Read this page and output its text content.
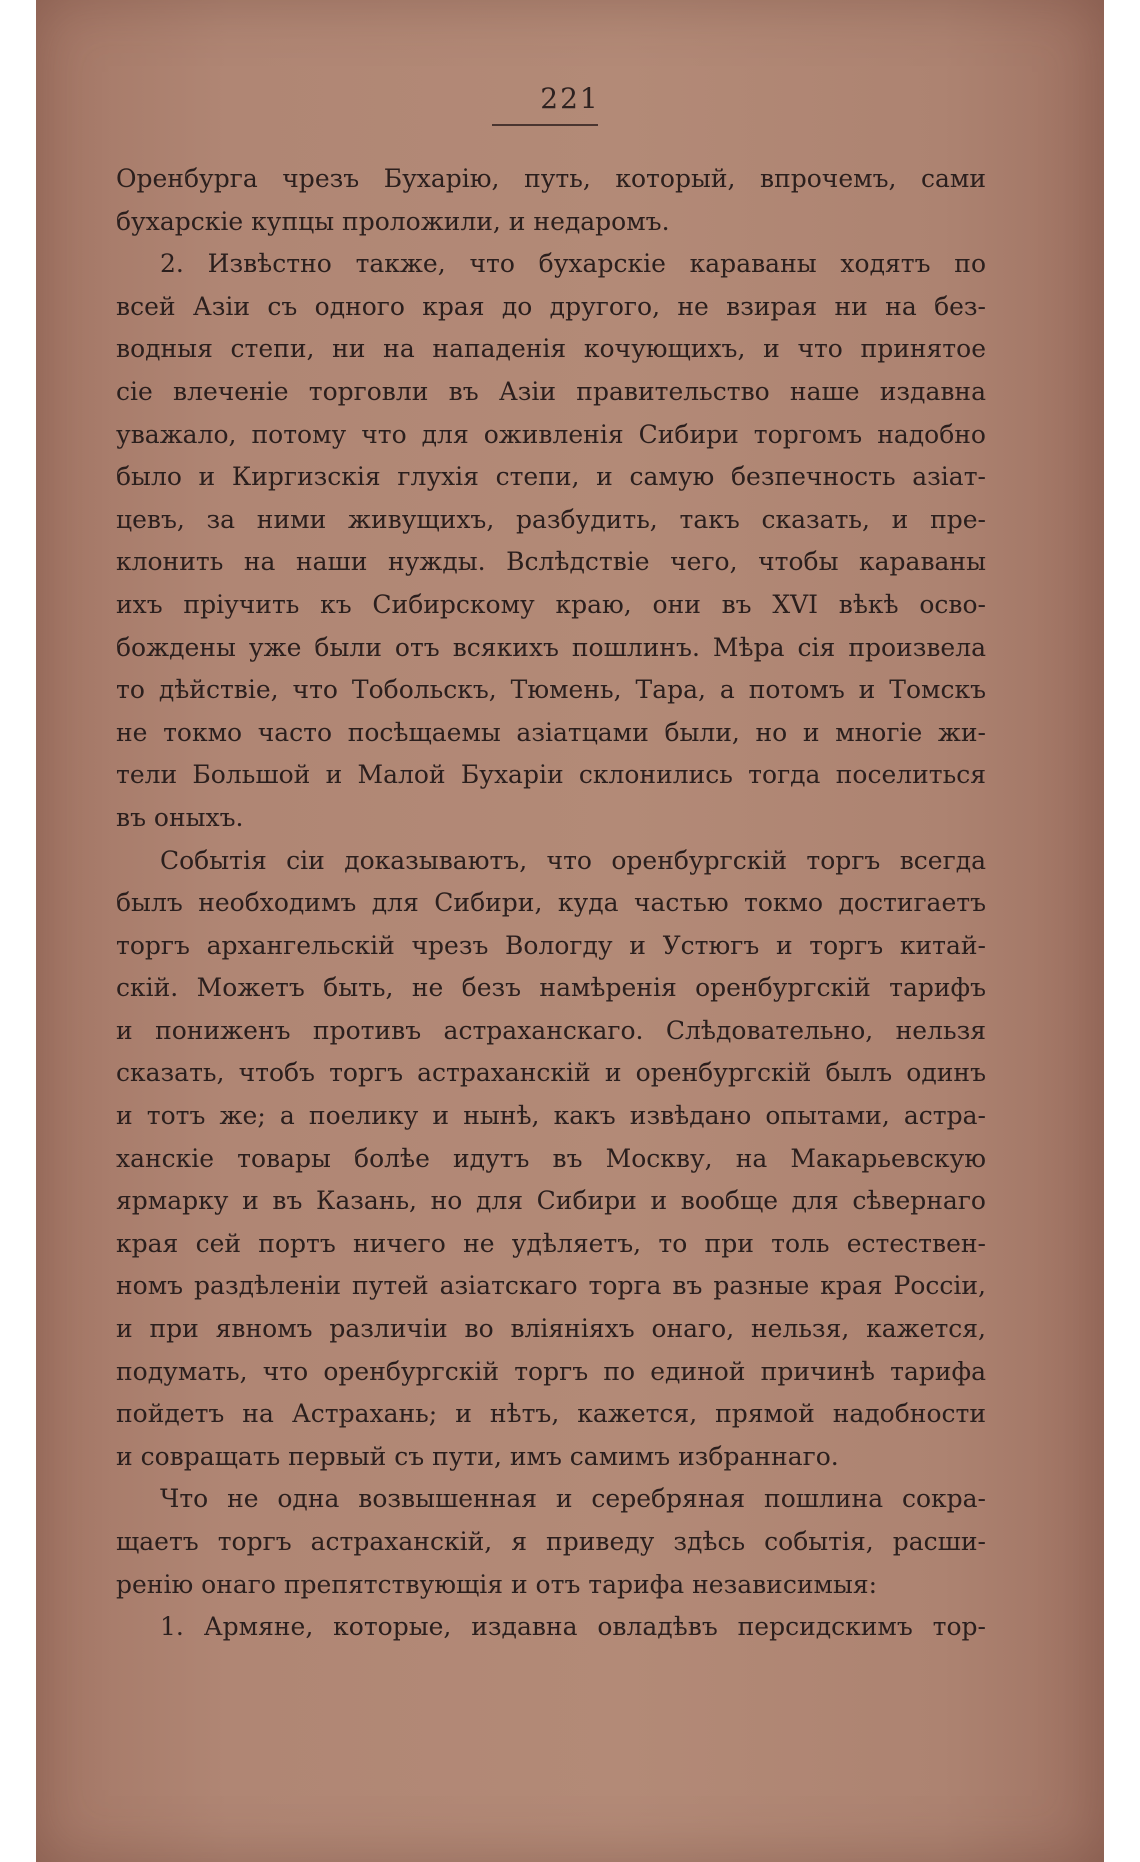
221
Оренбурга чрезъ Бухарію, путь, который, впрочемъ, сами
бухарскіе купцы проложили, и недаромъ.
2. Извѣстно также, что бухарскіе караваны ходятъ по
всей Азіи съ одного края до другого, не взирая ни на без-
водныя степи, ни на нападенія кочующихъ, и что принятое
сіе влеченіе торговли въ Азіи правительство наше издавна
уважало, потому что для оживленія Сибири торгомъ надобно
было и Киргизскія глухія степи, и самую безпечность азіат-
цевъ, за ними живущихъ, разбудить, такъ сказать, и пре-
клонить на наши нужды. Вслѣдствіе чего, чтобы караваны
ихъ пріучить къ Сибирскому краю, они въ XVI вѣкѣ осво-
бождены уже были отъ всякихъ пошлинъ. Мѣра сія произвела
то дѣйствіе, что Тобольскъ, Тюмень, Тара, а потомъ и Томскъ
не токмо часто посѣщаемы азіатцами были, но и многіе жи-
тели Большой и Малой Бухаріи склонились тогда поселиться
въ оныхъ.
Событія сіи доказываютъ, что оренбургскій торгъ всегда
былъ необходимъ для Сибири, куда частью токмо достигаетъ
торгъ архангельскій чрезъ Вологду и Устюгъ и торгъ китай-
скій. Можетъ быть, не безъ намѣренія оренбургскій тарифъ
и пониженъ противъ астраханскаго. Слѣдовательно, нельзя
сказать, чтобъ торгъ астраханскій и оренбургскій былъ одинъ
и тотъ же; а поелику и нынѣ, какъ извѣдано опытами, астра-
ханскіе товары болѣе идутъ въ Москву, на Макарьевскую
ярмарку и въ Казань, но для Сибири и вообще для сѣвернаго
края сей портъ ничего не удѣляетъ, то при толь естествен-
номъ раздѣленіи путей азіатскаго торга въ разные края Россіи,
и при явномъ различіи во вліяніяхъ онаго, нельзя, кажется,
подумать, что оренбургскій торгъ по единой причинѣ тарифа
пойдетъ на Астрахань; и нѣтъ, кажется, прямой надобности
и совращать первый съ пути, имъ самимъ избраннаго.
Что не одна возвышенная и серебряная пошлина сокра-
щаетъ торгъ астраханскій, я приведу здѣсь событія, расши-
ренію онаго препятствующія и отъ тарифа независимыя:
1. Армяне, которые, издавна овладѣвъ персидскимъ тор-
